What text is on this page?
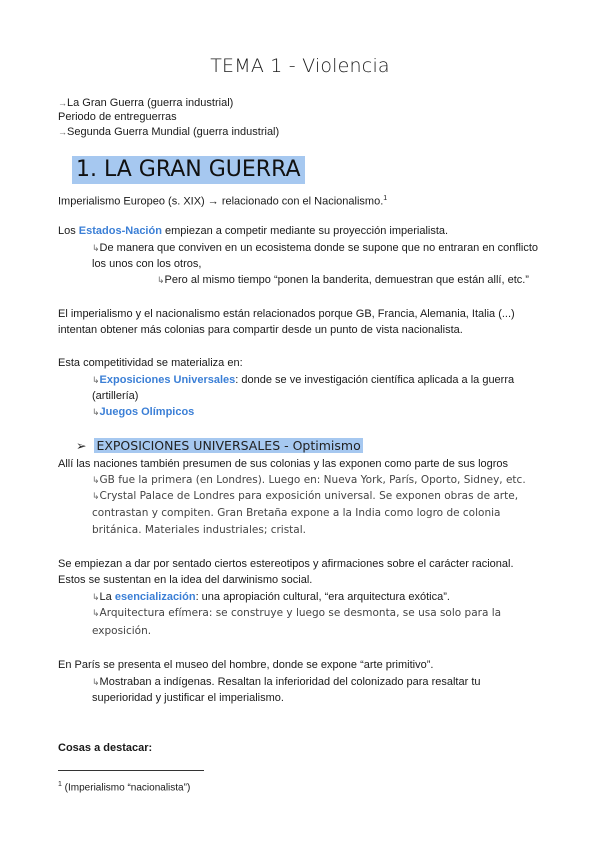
TEMA 1 - Violencia
→La Gran Guerra (guerra industrial)
Periodo de entreguerras
→Segunda Guerra Mundial (guerra industrial)
1. LA GRAN GUERRA
Imperialismo Europeo (s. XIX) → relacionado con el Nacionalismo.$^1$
Los Estados-Nación empiezan a competir mediante su proyección imperialista.
↳De manera que conviven en un ecosistema donde se supone que no entraran en conflicto
los unos con los otros,
↳Pero al mismo tiempo “ponen la banderita, demuestran que están allí, etc.”
El imperialismo y el nacionalismo están relacionados porque GB, Francia, Alemania, Italia (...)
intentan obtener más colonias para compartir desde un punto de vista nacionalista.
Esta competitividad se materializa en:
↳Exposiciones Universales: donde se ve investigación científica aplicada a la guerra
(artillería)
↳Juegos Olímpicos
➢ EXPOSICIONES UNIVERSALES - Optimismo
Allí las naciones también presumen de sus colonias y las exponen como parte de sus logros
↳GB fue la primera (en Londres). Luego en: Nueva York, París, Oporto, Sidney, etc.
↳Crystal Palace de Londres para exposición universal. Se exponen obras de arte,
contrastan y compiten. Gran Bretaña expone a la India como logro de colonia
británica. Materiales industriales; cristal.
Se empiezan a dar por sentado ciertos estereotipos y afirmaciones sobre el carácter racional.
Estos se sustentan en la idea del darwinismo social.
↳La esencialización: una apropiación cultural, “era arquitectura exótica”.
↳Arquitectura efímera: se construye y luego se desmonta, se usa solo para la
exposición.
En París se presenta el museo del hombre, donde se expone “arte primitivo”.
↳Mostraban a indígenas. Resaltan la inferioridad del colonizado para resaltar tu
superioridad y justificar el imperialismo.
Cosas a destacar:
$^1$ (Imperialismo “nacionalista”)
